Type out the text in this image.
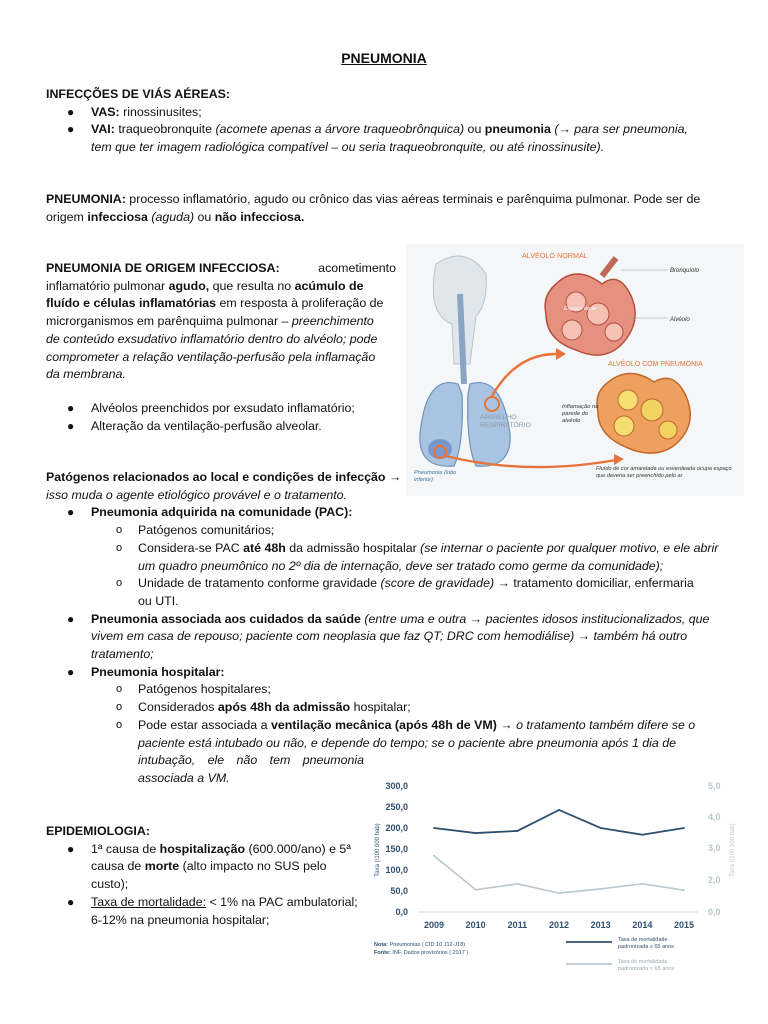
PNEUMONIA
INFECÇÕES DE VIÁS AÉREAS:
● VAS: rinossinusites;
● VAI: traqueobronquite (acomete apenas a árvore traqueobrônquica) ou pneumonia (→ para ser pneumonia,
tem que ter imagem radiológica compatível – ou seria traqueobronquite, ou até rinossinusite).
PNEUMONIA: processo inflamatório, agudo ou crônico das vias aéreas terminais e parênquima pulmonar. Pode ser de
origem infecciosa (aguda) ou não infecciosa.
PNEUMONIA DE ORIGEM INFECCIOSA:	acometimento
inflamatório pulmonar agudo, que resulta no acúmulo de
fluído e células inflamatórias em resposta à proliferação de
microrganismos em parênquima pulmonar – preenchimento
de conteúdo exsudativo inflamatório dentro do alvéolo; pode
comprometer a relação ventilação-perfusão pela inflamação
da membrana.
● Alvéolos preenchidos por exsudato inflamatório;
● Alteração da ventilação-perfusão alveolar.
ALVÉOLO NORMAL
Bronquíolo
Espaço de ar
Alvéolo
ALVÉOLO COM PNEUMONIA
Inflamação na parede do alvéolo
APARELHO RESPIRATÓRIO
Pneumonia (lobo inferior)
Fluído de cor amarelada ou esverdeada ocupa espaço que deveria ser preenchido pelo ar
Patógenos relacionados ao local e condições de infecção →
isso muda o agente etiológico provável e o tratamento.
● Pneumonia adquirida na comunidade (PAC):
o Patógenos comunitários;
o Considera-se PAC até 48h da admissão hospitalar (se internar o paciente por qualquer motivo, e ele abrir
um quadro pneumônico no 2º dia de internação, deve ser tratado como germe da comunidade);
o Unidade de tratamento conforme gravidade (score de gravidade) → tratamento domiciliar, enfermaria
ou UTI.
● Pneumonia associada aos cuidados da saúde (entre uma e outra → pacientes idosos institucionalizados, que
vivem em casa de repouso; paciente com neoplasia que faz QT; DRC com hemodiálise) → também há outro
tratamento;
● Pneumonia hospitalar:
o Patógenos hospitalares;
o Considerados após 48h da admissão hospitalar;
o Pode estar associada a ventilação mecânica (após 48h de VM) → o tratamento também difere se o
paciente está intubado ou não, e depende do tempo; se o paciente abre pneumonia após 1 dia de
intubação, ele não tem pneumonia
associada a VM.
EPIDEMIOLOGIA:
● 1ª causa de hospitalização (600.000/ano) e 5ª
causa de morte (alto impacto no SUS pelo
custo);
● Taxa de mortalidade: < 1% na PAC ambulatorial;
6-12% na pneumonia hospitalar;
300,0
250,0
200,0
150,0
100,0
50,0
0,0
5,0
4,0
3,0
2,0
0,0
Taxa (/100 000 hab)	Taxa (/100 000 hab)
2009 2010 2011 2012 2013 2014 2015
Nota: Pneumonias ( CID 10 J12-J18)
Fonte: INF. Dados provisórios ( 2017 )
Taxa de mortalidade
padronizada ≥ 65 anos
Taxa de mortalidade
padronizada < 65 anos
